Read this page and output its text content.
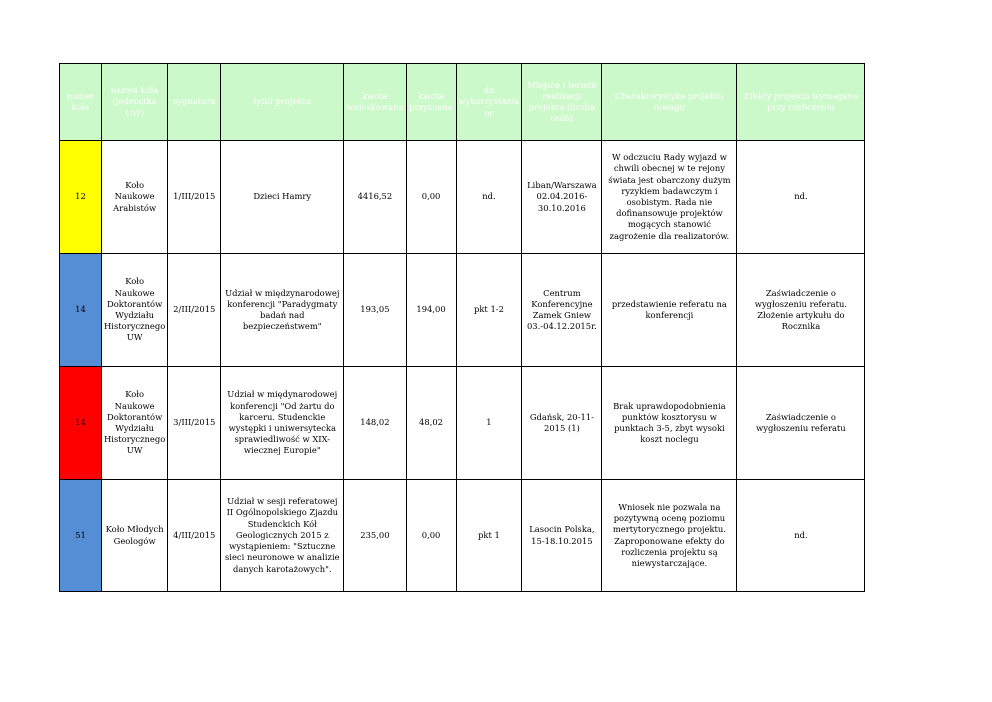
numer koła	nazwa koła (jednostka UW)	sygnatura	tytuł projektu	kwota wnioskowana	kwota przyznana	do wykorzystania nr	Miejsce i termin realizacji projektu (liczba osób)	Charakterystyka projektu /uwagi/	Efekty projektu wymagane przy rozliczeniu
12	Koło Naukowe Arabistów	1/III/2015	Dzieci Hamry	4416,52	0,00	nd.	Liban/Warszawa 02.04.2016-30.10.2016	W odczuciu Rady wyjazd w chwili obecnej w te rejony świata jest obarczony dużym ryzykiem badawczym i osobistym. Rada nie dofinansowuje projektów mogących stanowić zagrożenie dla realizatorów.	nd.
14	Koło Naukowe Doktorantów Wydziału Historycznego UW	2/III/2015	Udział w międzynarodowej konferencji "Paradygmaty badań nad bezpieczeństwem"	193,05	194,00	pkt 1-2	Centrum Konferencyjne Zamek Gniew 03.-04.12.2015r.	przedstawienie referatu na konferencji	Zaświadczenie o wygłoszeniu referatu. Złożenie artykułu do Rocznika
14	Koło Naukowe Doktorantów Wydziału Historycznego UW	3/III/2015	Udział w międynarodowej konferencji "Od żartu do karceru. Studenckie występki i uniwersytecka sprawiedliwość w XIX-wiecznej Europie"	148,02	48,02	1	Gdańsk, 20-11-2015 (1)	Brak uprawdopodobnienia punktów kosztorysu w punktach 3-5, zbyt wysoki koszt noclegu	Zaświadczenie o wygłoszeniu referatu
51	Koło Młodych Geologów	4/III/2015	Udział w sesji referatowej II Ogólnopolskiego Zjazdu Studenckich Kół Geologicznych 2015 z wystąpieniem: "Sztuczne sieci neuronowe w analizie danych karotażowych".	235,00	0,00	pkt 1	Lasocin Polska, 15-18.10.2015	Wniosek nie pozwala na pozytywną ocenę poziomu mertytorycznego projektu. Zaproponowane efekty do rozliczenia projektu są niewystarczające.	nd.
